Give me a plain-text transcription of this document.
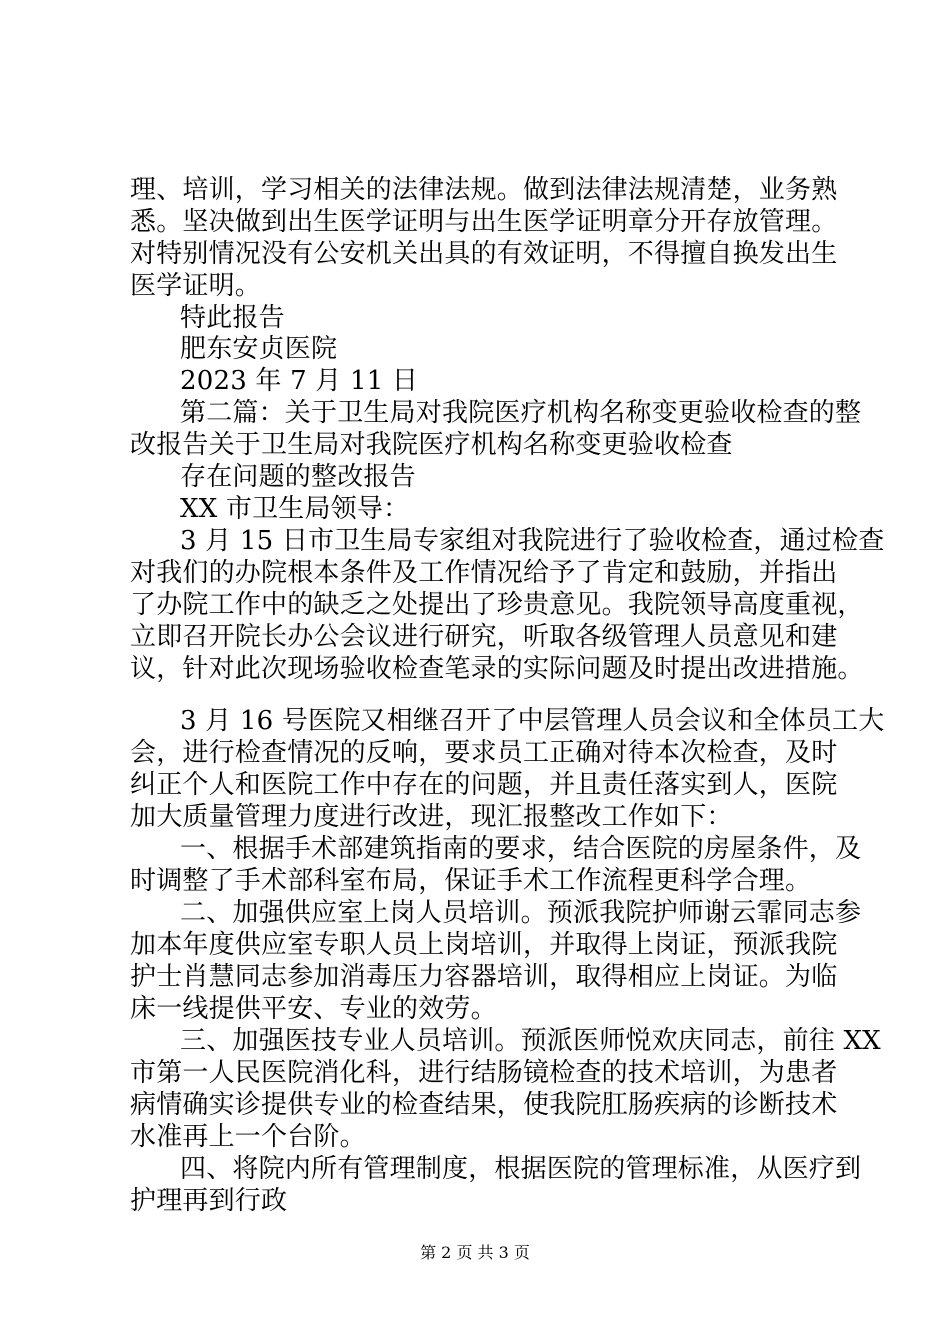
理、培训，学习相关的法律法规。做到法律法规清楚，业务熟
悉。坚决做到出生医学证明与出生医学证明章分开存放管理。
对特别情况没有公安机关出具的有效证明，不得擅自换发出生
医学证明。
特此报告
肥东安贞医院
2023 年 7 月 11 日
第二篇：关于卫生局对我院医疗机构名称变更验收检查的整
改报告关于卫生局对我院医疗机构名称变更验收检查
存在问题的整改报告
XX 市卫生局领导：
3 月 15 日市卫生局专家组对我院进行了验收检查，通过检查
对我们的办院根本条件及工作情况给予了肯定和鼓励，并指出
了办院工作中的缺乏之处提出了珍贵意见。我院领导高度重视，
立即召开院长办公会议进行研究，听取各级管理人员意见和建
议，针对此次现场验收检查笔录的实际问题及时提出改进措施。
3 月 16 号医院又相继召开了中层管理人员会议和全体员工大
会，进行检查情况的反响，要求员工正确对待本次检查，及时
纠正个人和医院工作中存在的问题，并且责任落实到人，医院
加大质量管理力度进行改进，现汇报整改工作如下：
一、根据手术部建筑指南的要求，结合医院的房屋条件，及
时调整了手术部科室布局，保证手术工作流程更科学合理。
二、加强供应室上岗人员培训。预派我院护师谢云霏同志参
加本年度供应室专职人员上岗培训，并取得上岗证，预派我院
护士肖慧同志参加消毒压力容器培训，取得相应上岗证。为临
床一线提供平安、专业的效劳。
三、加强医技专业人员培训。预派医师悦欢庆同志，前往 XX
市第一人民医院消化科，进行结肠镜检查的技术培训，为患者
病情确实诊提供专业的检查结果，使我院肛肠疾病的诊断技术
水准再上一个台阶。
四、将院内所有管理制度，根据医院的管理标准，从医疗到
护理再到行政
第 2 页 共 3 页
